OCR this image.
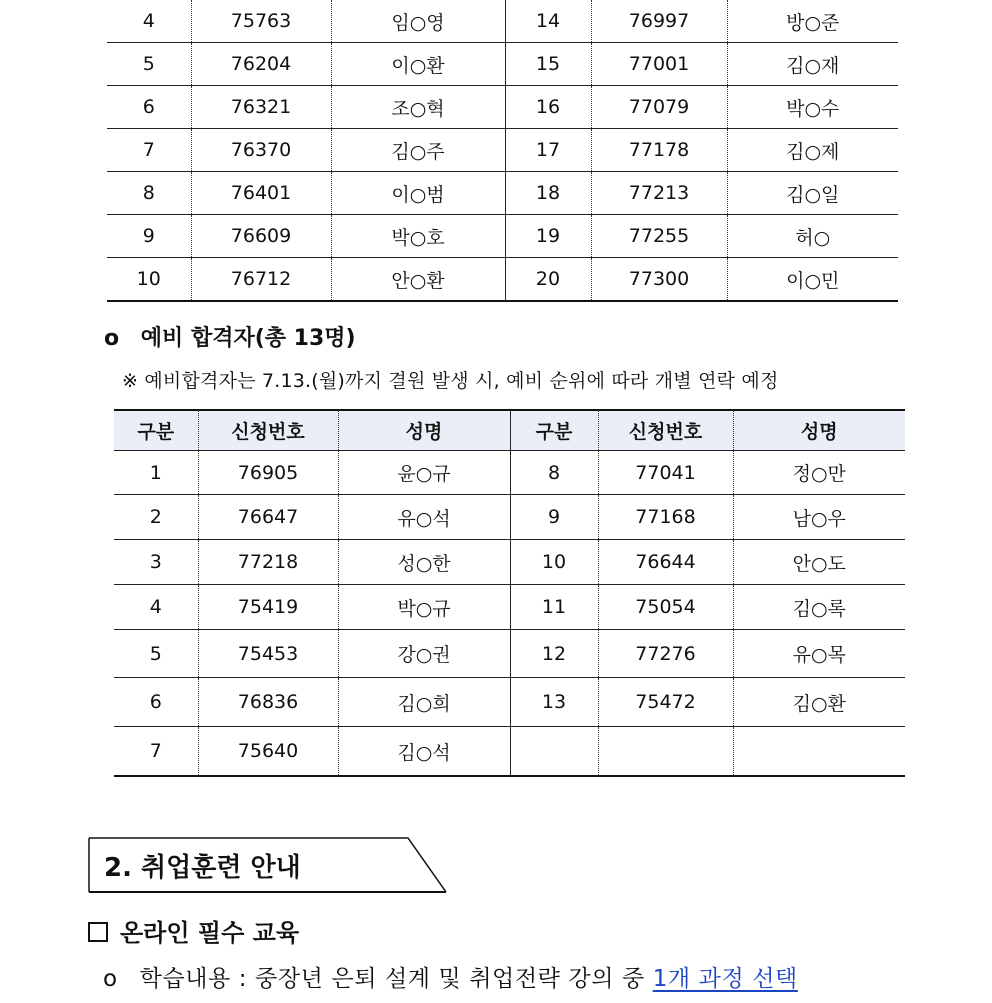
4	75763	임○영	14	76997	방○준
5	76204	이○환	15	77001	김○재
6	76321	조○혁	16	77079	박○수
7	76370	김○주	17	77178	김○제
8	76401	이○범	18	77213	김○일
9	76609	박○호	19	77255	허○
10	76712	안○환	20	77300	이○민
o 예비 합격자(총 13명)
※ 예비합격자는 7.13.(월)까지 결원 발생 시, 예비 순위에 따라 개별 연락 예정
구분	신청번호	성명	구분	신청번호	성명
1	76905	윤○규	8	77041	정○만
2	76647	유○석	9	77168	남○우
3	77218	성○한	10	76644	안○도
4	75419	박○규	11	75054	김○록
5	75453	강○권	12	77276	유○목
6	76836	김○희	13	75472	김○환
7	75640	김○석			
2. 취업훈련 안내
온라인 필수 교육
o 학습내용 : 중장년 은퇴 설계 및 취업전략 강의 중 1개 과정 선택
